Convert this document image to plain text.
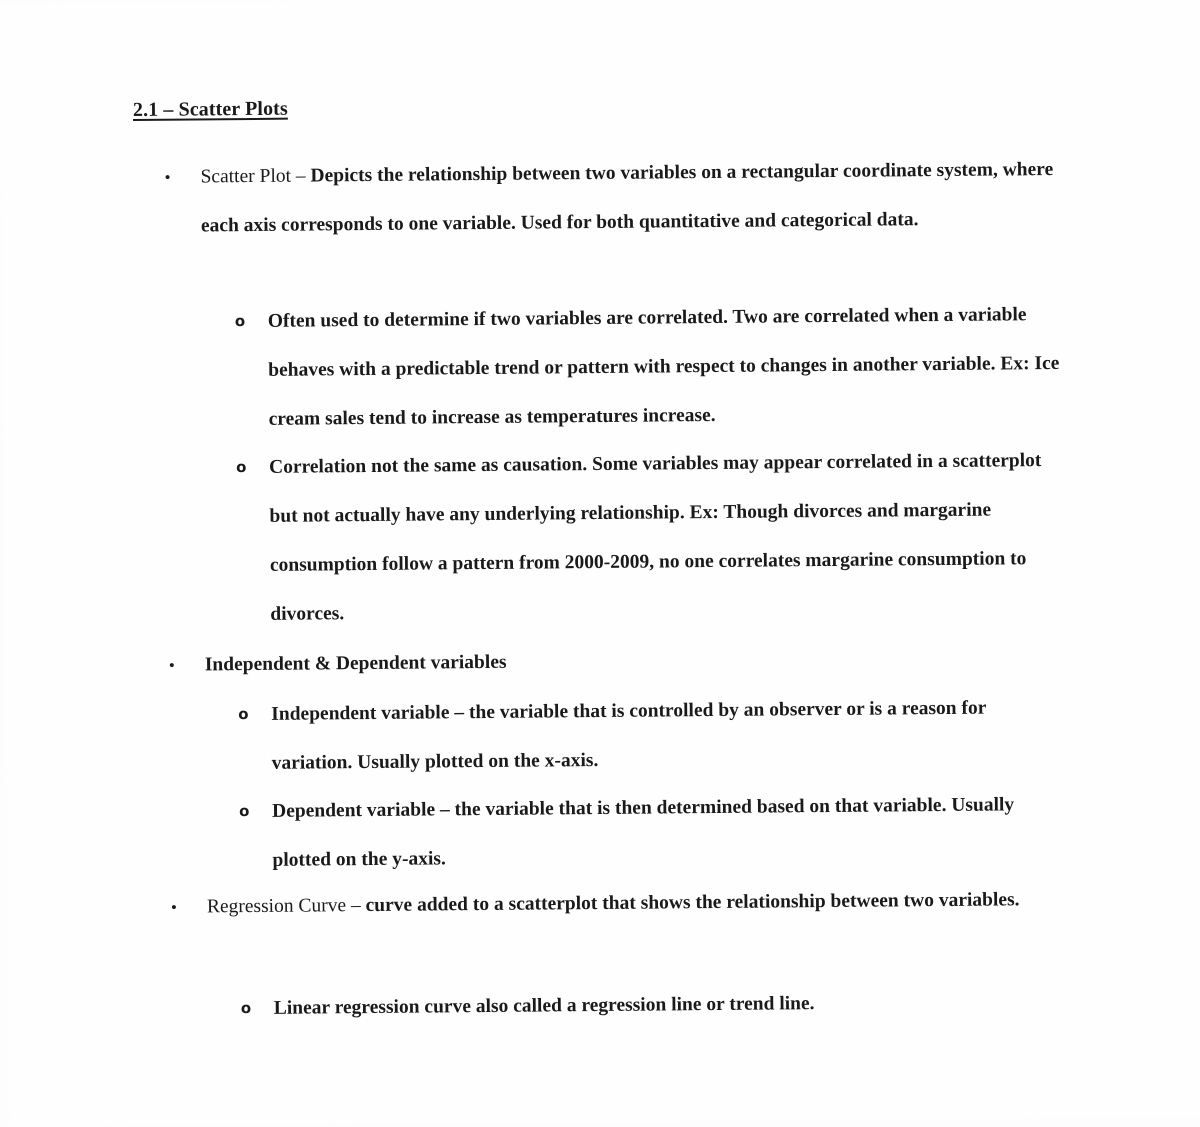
2.1 – Scatter Plots

• Scatter Plot – Depicts the relationship between two variables on a rectangular coordinate system, where each axis corresponds to one variable. Used for both quantitative and categorical data.

o Often used to determine if two variables are correlated. Two are correlated when a variable behaves with a predictable trend or pattern with respect to changes in another variable. Ex: Ice cream sales tend to increase as temperatures increase.

o Correlation not the same as causation. Some variables may appear correlated in a scatterplot but not actually have any underlying relationship. Ex: Though divorces and margarine consumption follow a pattern from 2000-2009, no one correlates margarine consumption to divorces.

• Independent & Dependent variables

o Independent variable – the variable that is controlled by an observer or is a reason for variation. Usually plotted on the x-axis.

o Dependent variable – the variable that is then determined based on that variable. Usually plotted on the y-axis.

• Regression Curve – curve added to a scatterplot that shows the relationship between two variables.

o Linear regression curve also called a regression line or trend line.
